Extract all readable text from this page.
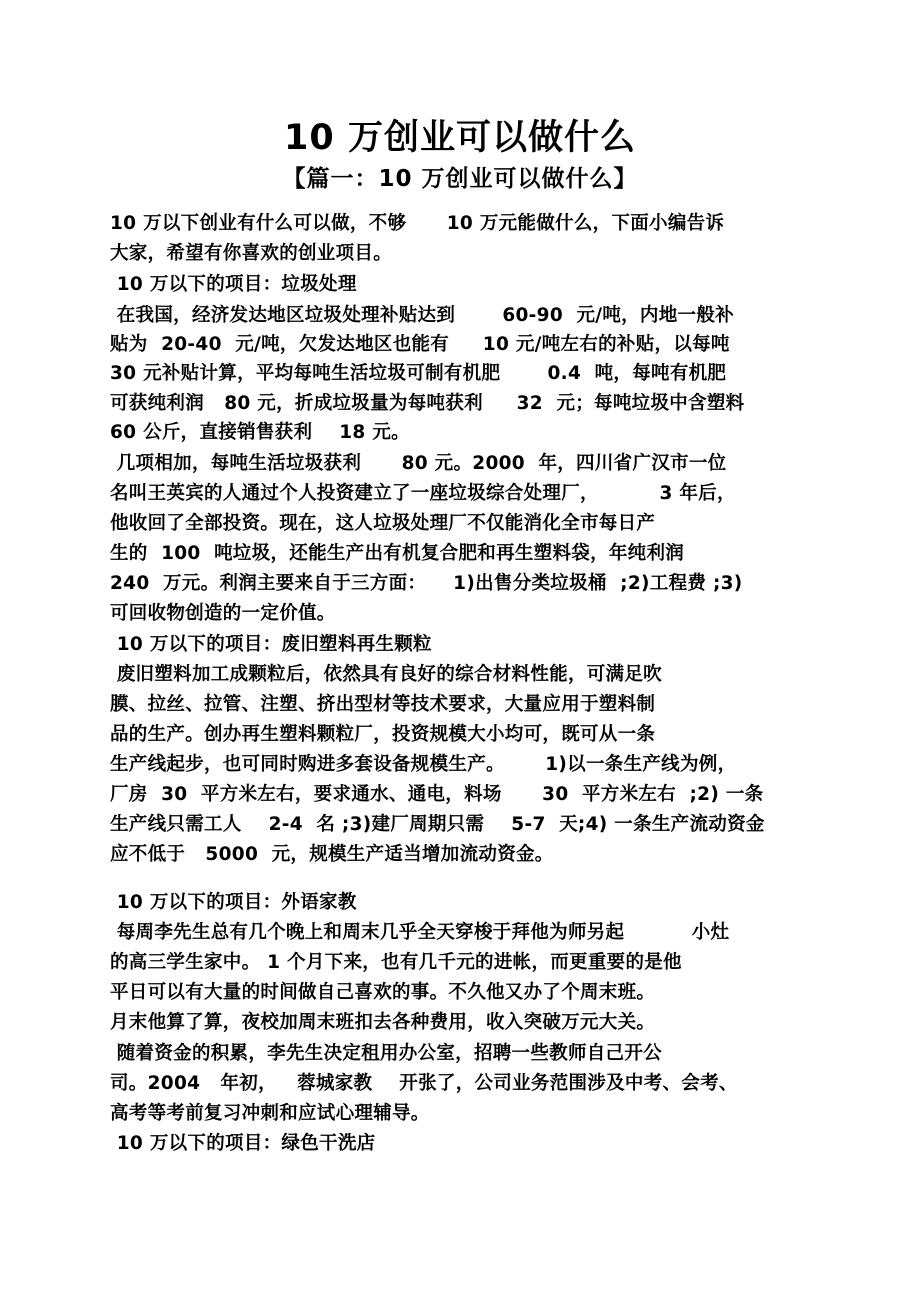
10 万创业可以做什么
【篇一：10 万创业可以做什么】
10 万以下创业有什么可以做，不够      10 万元能做什么，下面小编告诉
大家，希望有你喜欢的创业项目。
10 万以下的项目：垃圾处理
在我国，经济发达地区垃圾处理补贴达到       60-90  元/吨，内地一般补
贴为  20-40  元/吨，欠发达地区也能有     10 元/吨左右的补贴，以每吨
30 元补贴计算，平均每吨生活垃圾可制有机肥       0.4  吨，每吨有机肥
可获纯利润   80 元，折成垃圾量为每吨获利     32  元；每吨垃圾中含塑料
60 公斤，直接销售获利    18 元。
几项相加，每吨生活垃圾获利      80 元。2000  年，四川省广汉市一位
名叫王英宾的人通过个人投资建立了一座垃圾综合处理厂，         3 年后，
他收回了全部投资。现在，这人垃圾处理厂不仅能消化全市每日产
生的  100  吨垃圾，还能生产出有机复合肥和再生塑料袋，年纯利润
240  万元。利润主要来自于三方面：    1)出售分类垃圾桶  ;2)工程费 ;3)
可回收物创造的一定价值。
10 万以下的项目：废旧塑料再生颗粒
废旧塑料加工成颗粒后，依然具有良好的综合材料性能，可满足吹
膜、拉丝、拉管、注塑、挤出型材等技术要求，大量应用于塑料制
品的生产。创办再生塑料颗粒厂，投资规模大小均可，既可从一条
生产线起步，也可同时购进多套设备规模生产。      1)以一条生产线为例，
厂房  30  平方米左右，要求通水、通电，料场      30  平方米左右  ;2) 一条
生产线只需工人    2-4  名 ;3)建厂周期只需    5-7  天;4) 一条生产流动资金
应不低于   5000  元，规模生产适当增加流动资金。
10 万以下的项目：外语家教
每周李先生总有几个晚上和周末几乎全天穿梭于拜他为师另起          小灶
的高三学生家中。 1 个月下来，也有几千元的进帐，而更重要的是他
平日可以有大量的时间做自己喜欢的事。不久他又办了个周末班。
月末他算了算，夜校加周末班扣去各种费用，收入突破万元大关。
随着资金的积累，李先生决定租用办公室，招聘一些教师自己开公
司。2004   年初，   蓉城家教    开张了，公司业务范围涉及中考、会考、
高考等考前复习冲刺和应试心理辅导。
10 万以下的项目：绿色干洗店
